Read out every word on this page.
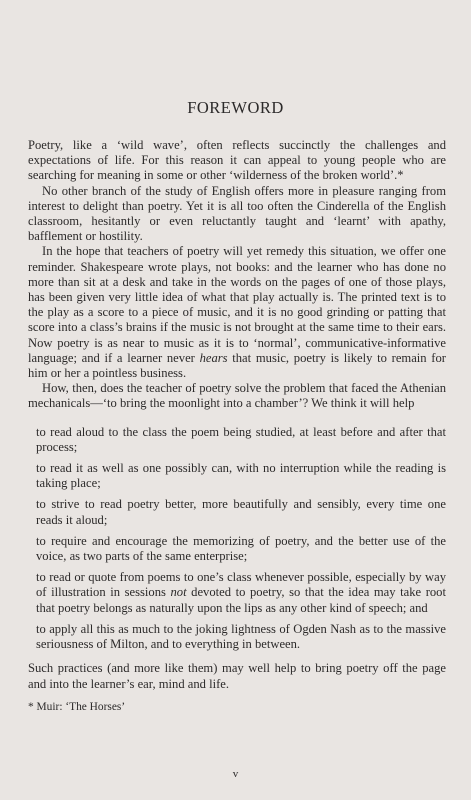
FOREWORD

Poetry, like a ‘wild wave’, often reflects succinctly the challenges and expectations of life. For this reason it can appeal to young people who are searching for meaning in some or other ‘wilderness of the broken world’.*

No other branch of the study of English offers more in pleasure ranging from interest to delight than poetry. Yet it is all too often the Cinderella of the English classroom, hesitantly or even reluctantly taught and ‘learnt’ with apathy, bafflement or hostility.

In the hope that teachers of poetry will yet remedy this situation, we offer one reminder. Shakespeare wrote plays, not books: and the learner who has done no more than sit at a desk and take in the words on the pages of one of those plays, has been given very little idea of what that play actually is. The printed text is to the play as a score to a piece of music, and it is no good grinding or patting that score into a class’s brains if the music is not brought at the same time to their ears. Now poetry is as near to music as it is to ‘normal’, communicative-informative language; and if a learner never hears that music, poetry is likely to remain for him or her a pointless business.

How, then, does the teacher of poetry solve the problem that faced the Athenian mechanicals—‘to bring the moonlight into a chamber’? We think it will help

to read aloud to the class the poem being studied, at least before and after that process;

to read it as well as one possibly can, with no interruption while the reading is taking place;

to strive to read poetry better, more beautifully and sensibly, every time one reads it aloud;

to require and encourage the memorizing of poetry, and the better use of the voice, as two parts of the same enterprise;

to read or quote from poems to one’s class whenever possible, especially by way of illustration in sessions not devoted to poetry, so that the idea may take root that poetry belongs as naturally upon the lips as any other kind of speech; and

to apply all this as much to the joking lightness of Ogden Nash as to the massive seriousness of Milton, and to everything in between.

Such practices (and more like them) may well help to bring poetry off the page and into the learner’s ear, mind and life.

* Muir: ‘The Horses’

v
